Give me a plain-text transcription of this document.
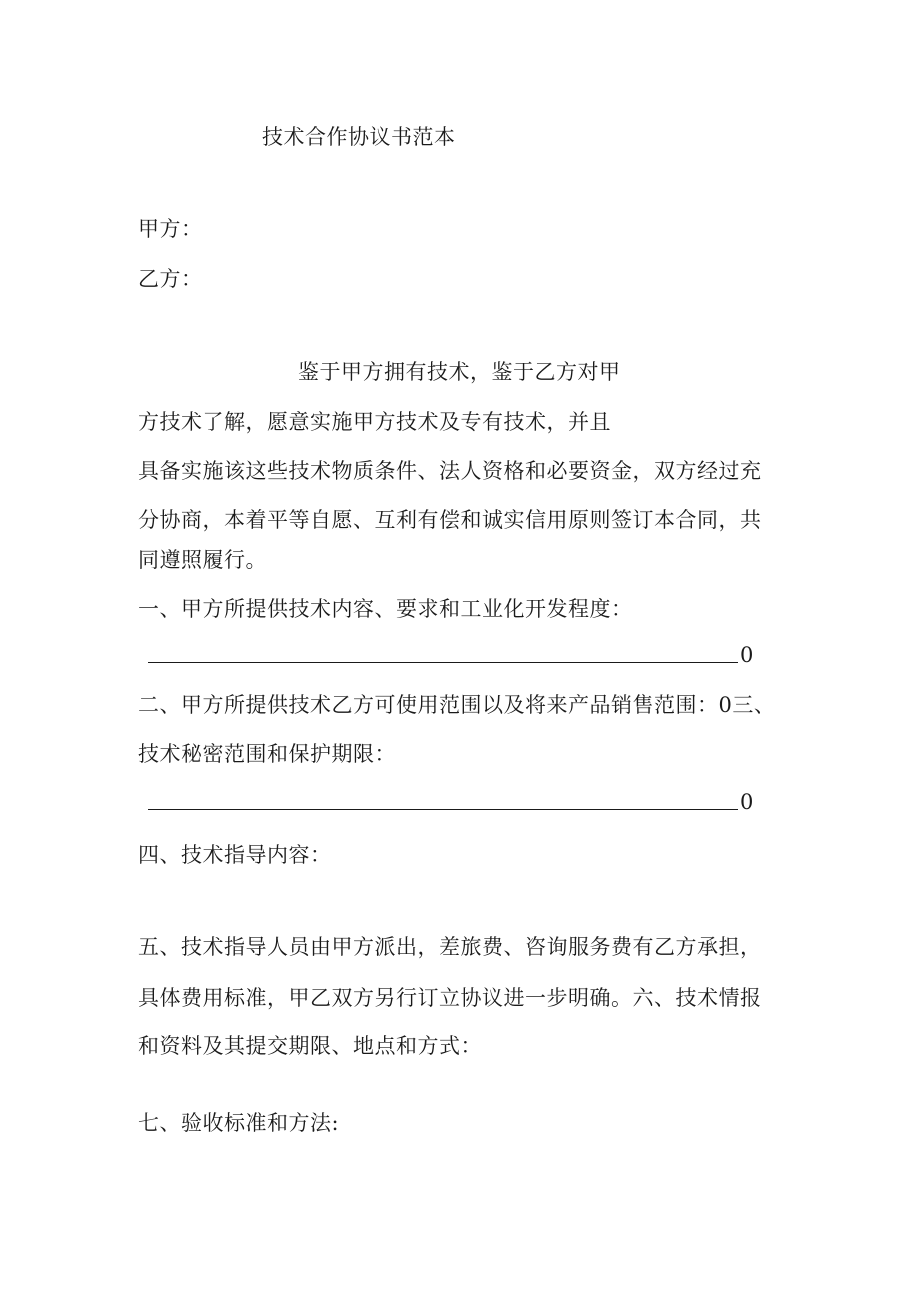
技术合作协议书范本
甲方：
乙方：
鉴于甲方拥有技术，鉴于乙方对甲
方技术了解，愿意实施甲方技术及专有技术，并且
具备实施该这些技术物质条件、法人资格和必要资金，双方经过充
分协商，本着平等自愿、互利有偿和诚实信用原则签订本合同，共
同遵照履行。
一、甲方所提供技术内容、要求和工业化开发程度：
0
二、甲方所提供技术乙方可使用范围以及将来产品销售范围：0三、
技术秘密范围和保护期限：
0
四、技术指导内容：
五、技术指导人员由甲方派出，差旅费、咨询服务费有乙方承担，
具体费用标准，甲乙双方另行订立协议进一步明确。六、技术情报
和资料及其提交期限、地点和方式：
七、验收标准和方法:
